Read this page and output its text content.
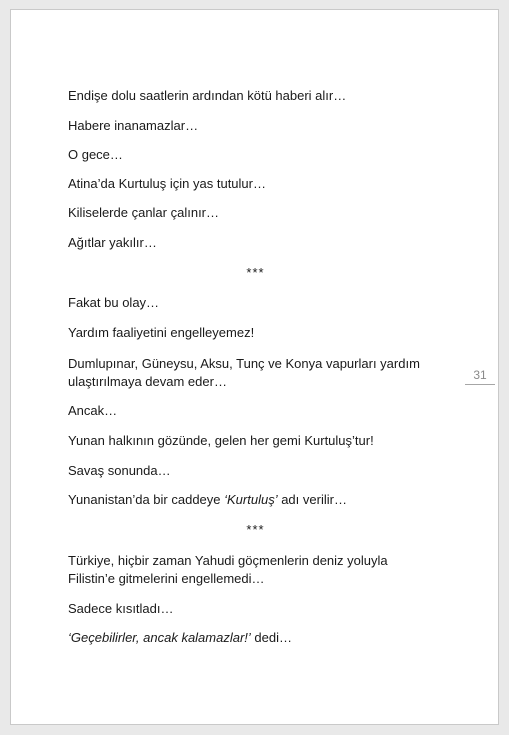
Endişe dolu saatlerin ardından kötü haberi alır…

Habere inanamazlar…

O gece…

Atina’da Kurtuluş için yas tutulur…

Kiliselerde çanlar çalınır…

Ağıtlar yakılır…

***

Fakat bu olay…

Yardım faaliyetini engelleyemez!

Dumlupınar, Güneysu, Aksu, Tunç ve Konya vapurları yardım

ulaştırılmaya devam eder…

Ancak…

Yunan halkının gözünde, gelen her gemi Kurtuluş’tur!

Savaş sonunda…

Yunanistan’da bir caddeye ‘Kurtuluş’ adı verilir…

***

Türkiye, hiçbir zaman Yahudi göçmenlerin deniz yoluyla

Filistin’e gitmelerini engellemedi…

Sadece kısıtladı…

‘Geçebilirler, ancak kalamazlar!’ dedi…

31
